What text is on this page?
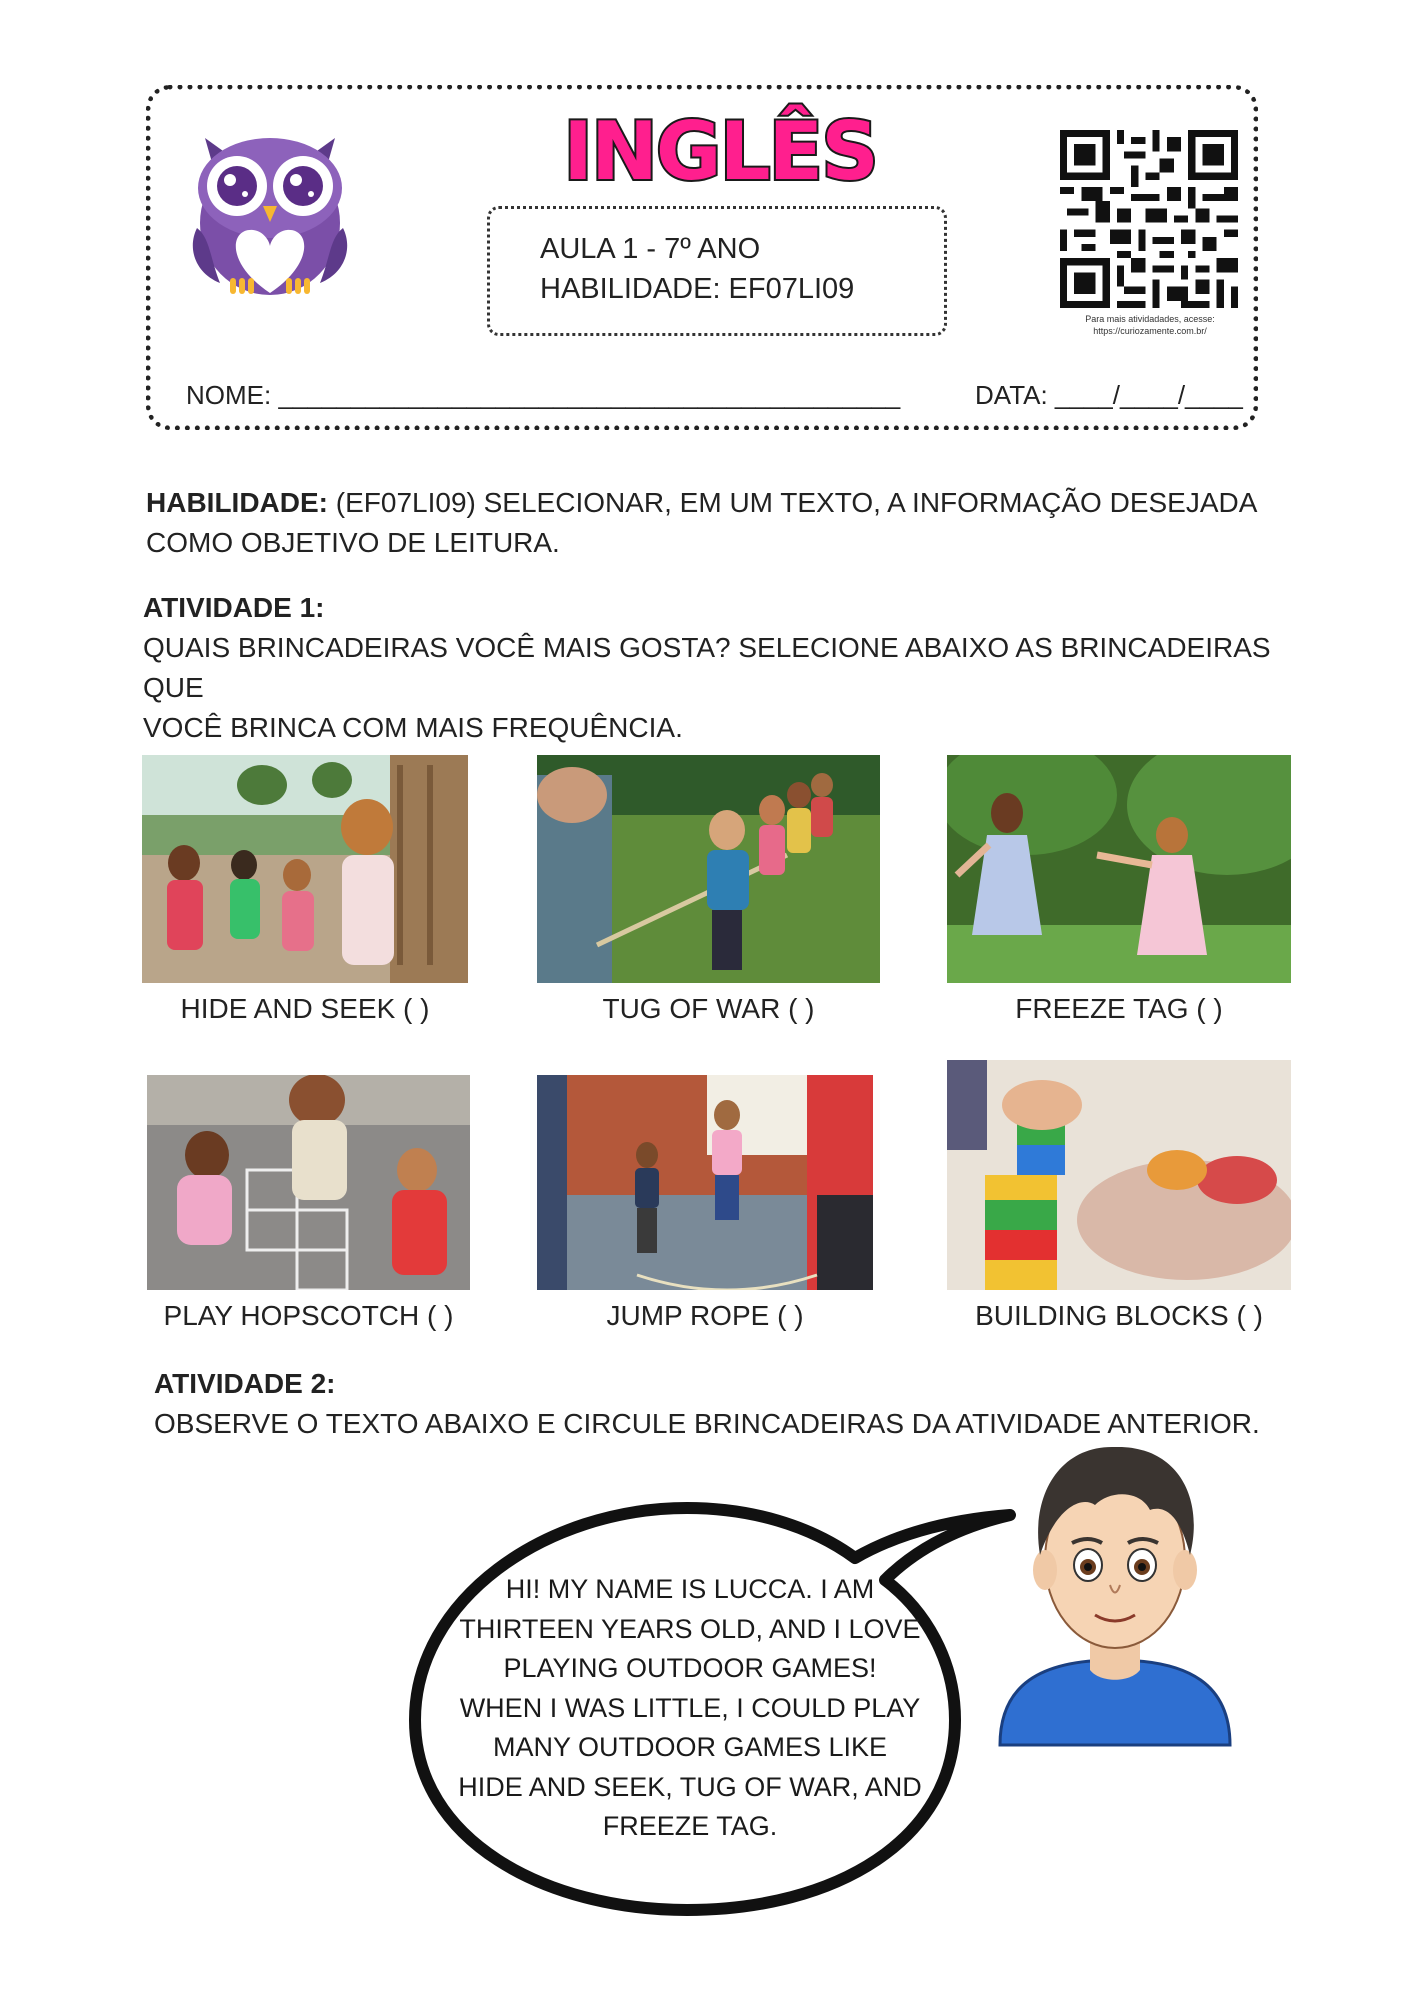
INGLÊS
AULA 1 - 7º ANO
HABILIDADE: EF07LI09
Para mais atividadades, acesse:
https://curiozamente.com.br/
NOME: ___________________________________________	DATA: ____/____/____
HABILIDADE: (EF07LI09) SELECIONAR, EM UM TEXTO, A INFORMAÇÃO DESEJADA
COMO OBJETIVO DE LEITURA.
ATIVIDADE 1:
QUAIS BRINCADEIRAS VOCÊ MAIS GOSTA? SELECIONE ABAIXO AS BRINCADEIRAS QUE
VOCÊ BRINCA COM MAIS FREQUÊNCIA.
HIDE AND SEEK ( )	TUG OF WAR ( )	FREEZE TAG ( )
PLAY HOPSCOTCH ( )	JUMP ROPE ( )	BUILDING BLOCKS ( )
ATIVIDADE 2:
OBSERVE O TEXTO ABAIXO E CIRCULE BRINCADEIRAS DA ATIVIDADE ANTERIOR.
HI! MY NAME IS LUCCA. I AM
THIRTEEN YEARS OLD, AND I LOVE
PLAYING OUTDOOR GAMES!
WHEN I WAS LITTLE, I COULD PLAY
MANY OUTDOOR GAMES LIKE
HIDE AND SEEK, TUG OF WAR, AND
FREEZE TAG.
